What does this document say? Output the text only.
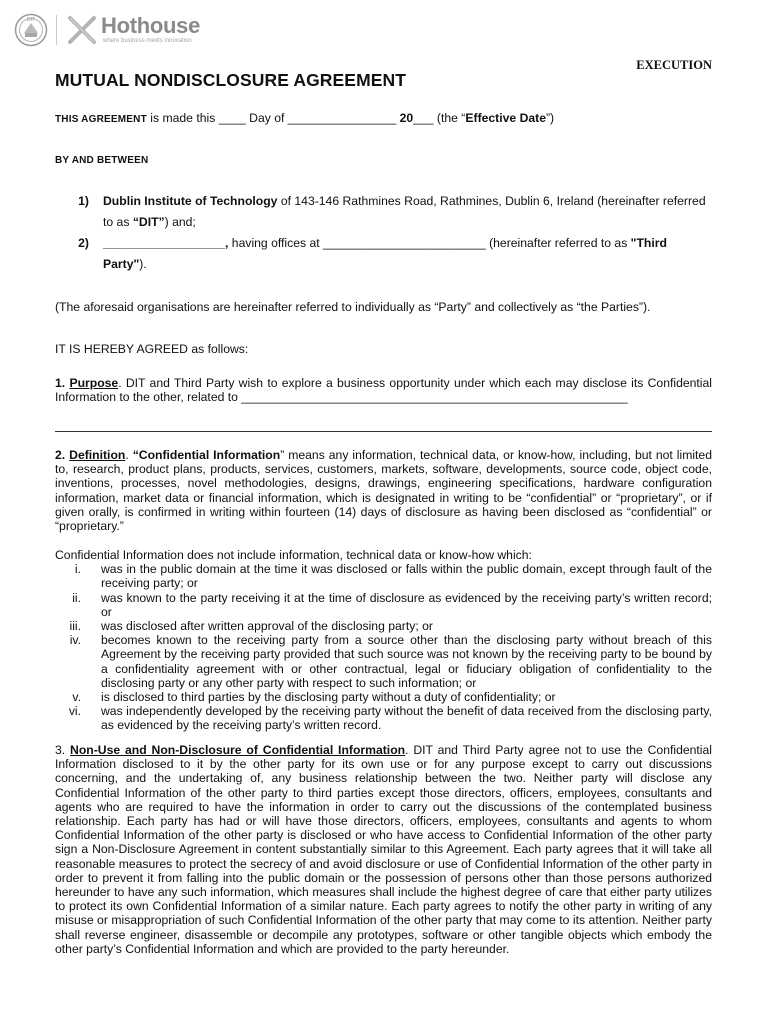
DIT	Hothouse
where business meets innovation
EXECUTION
MUTUAL NONDISCLOSURE AGREEMENT
THIS AGREEMENT is made this ____ Day of ________________ 20___ (the “Effective Date”)
BY AND BETWEEN
1)	Dublin Institute of Technology of 143-146 Rathmines Road, Rathmines, Dublin 6, Ireland (hereinafter referred to as “DIT”) and;
2)	__________________, having offices at ________________________ (hereinafter referred to as "Third Party").
(The aforesaid organisations are hereinafter referred to individually as “Party” and collectively as “the Parties”).
IT IS HEREBY AGREED as follows:
1. Purpose. DIT and Third Party wish to explore a business opportunity under which each may disclose its Confidential Information to the other, related to _________________________________________________________
2. Definition. “Confidential Information” means any information, technical data, or know-how, including, but not limited to, research, product plans, products, services, customers, markets, software, developments, source code, object code, inventions, processes, novel methodologies, designs, drawings, engineering specifications, hardware configuration information, market data or financial information, which is designated in writing to be “confidential” or “proprietary”, or if given orally, is confirmed in writing within fourteen (14) days of disclosure as having been disclosed as “confidential” or “proprietary.”
Confidential Information does not include information, technical data or know-how which:
i.	was in the public domain at the time it was disclosed or falls within the public domain, except through fault of the receiving party; or
ii.	was known to the party receiving it at the time of disclosure as evidenced by the receiving party’s written record; or
iii.	was disclosed after written approval of the disclosing party; or
iv.	becomes known to the receiving party from a source other than the disclosing party without breach of this Agreement by the receiving party provided that such source was not known by the receiving party to be bound by a confidentiality agreement with or other contractual, legal or fiduciary obligation of confidentiality to the disclosing party or any other party with respect to such information; or
v.	is disclosed to third parties by the disclosing party without a duty of confidentiality; or
vi.	was independently developed by the receiving party without the benefit of data received from the disclosing party, as evidenced by the receiving party’s written record.
3. Non-Use and Non-Disclosure of Confidential Information. DIT and Third Party agree not to use the Confidential Information disclosed to it by the other party for its own use or for any purpose except to carry out discussions concerning, and the undertaking of, any business relationship between the two. Neither party will disclose any Confidential Information of the other party to third parties except those directors, officers, employees, consultants and agents who are required to have the information in order to carry out the discussions of the contemplated business relationship. Each party has had or will have those directors, officers, employees, consultants and agents to whom Confidential Information of the other party is disclosed or who have access to Confidential Information of the other party sign a Non-Disclosure Agreement in content substantially similar to this Agreement. Each party agrees that it will take all reasonable measures to protect the secrecy of and avoid disclosure or use of Confidential Information of the other party in order to prevent it from falling into the public domain or the possession of persons other than those persons authorized hereunder to have any such information, which measures shall include the highest degree of care that either party utilizes to protect its own Confidential Information of a similar nature. Each party agrees to notify the other party in writing of any misuse or misappropriation of such Confidential Information of the other party that may come to its attention. Neither party shall reverse engineer, disassemble or decompile any prototypes, software or other tangible objects which embody the other party’s Confidential Information and which are provided to the party hereunder.
